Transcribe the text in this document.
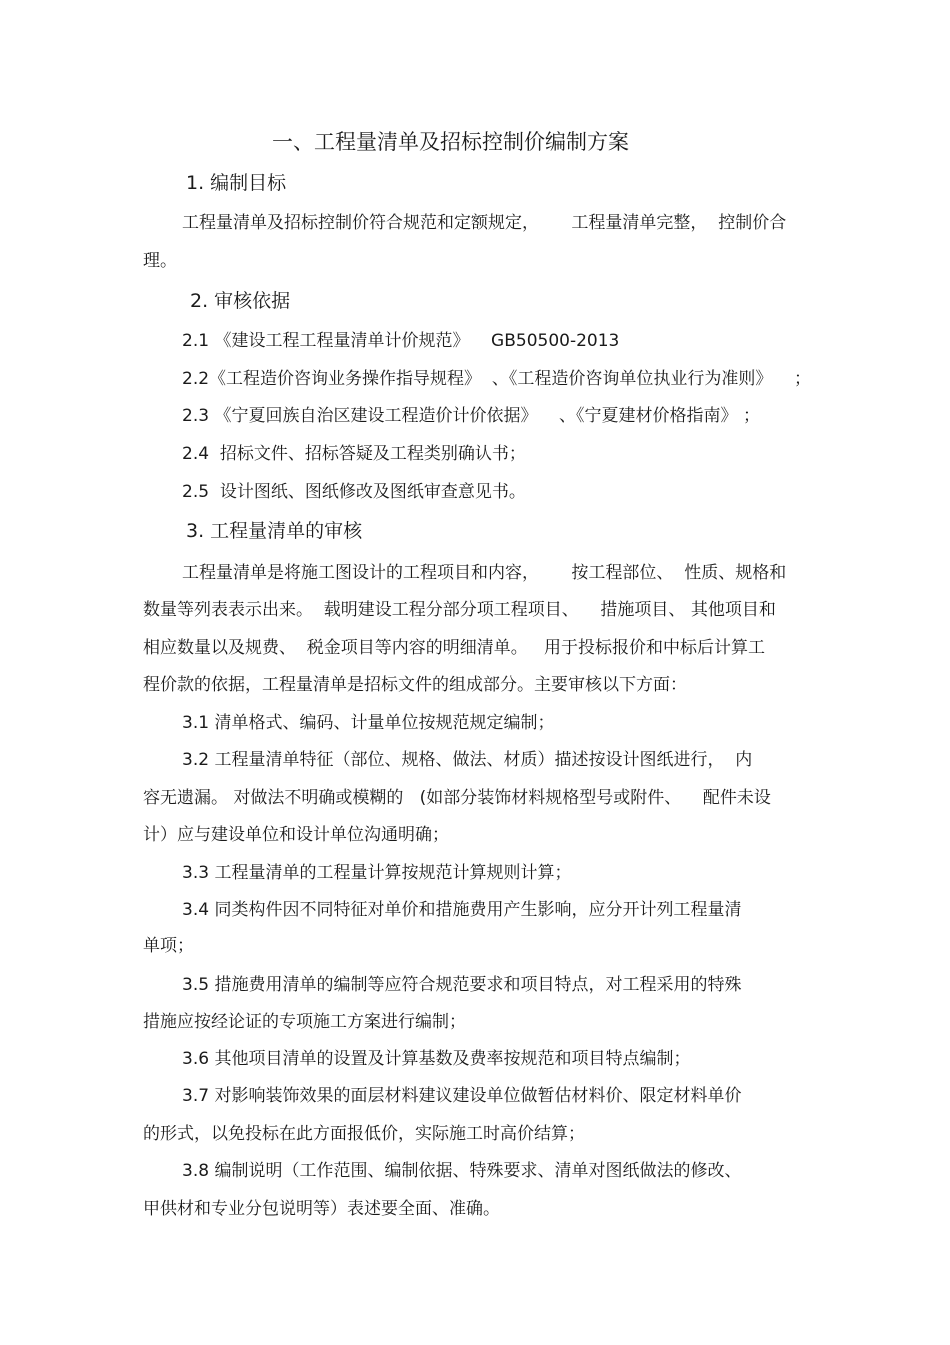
一、工程量清单及招标控制价编制方案
1. 编制目标
工程量清单及招标控制价符合规范和定额规定，      工程量清单完整，  控制价合
理。
2. 审核依据
2.1 《建设工程工程量清单计价规范》    GB50500-2013
2.2《工程造价咨询业务操作指导规程》  、《工程造价咨询单位执业行为准则》    ；
2.3 《宁夏回族自治区建设工程造价计价依据》    、《宁夏建材价格指南》 ；
2.4  招标文件、招标答疑及工程类别确认书；
2.5  设计图纸、图纸修改及图纸审查意见书。
3. 工程量清单的审核
工程量清单是将施工图设计的工程项目和内容，      按工程部位、  性质、规格和
数量等列表表示出来。  载明建设工程分部分项工程项目、    措施项目、 其他项目和
相应数量以及规费、  税金项目等内容的明细清单。   用于投标报价和中标后计算工
程价款的依据，工程量清单是招标文件的组成部分。主要审核以下方面：
3.1 清单格式、编码、计量单位按规范规定编制；
3.2 工程量清单特征（部位、规格、做法、材质）描述按设计图纸进行，  内
容无遗漏。 对做法不明确或模糊的   (如部分装饰材料规格型号或附件、    配件未设
计）应与建设单位和设计单位沟通明确；
3.3 工程量清单的工程量计算按规范计算规则计算；
3.4 同类构件因不同特征对单价和措施费用产生影响，应分开计列工程量清
单项；
3.5 措施费用清单的编制等应符合规范要求和项目特点，对工程采用的特殊
措施应按经论证的专项施工方案进行编制；
3.6 其他项目清单的设置及计算基数及费率按规范和项目特点编制；
3.7 对影响装饰效果的面层材料建议建设单位做暂估材料价、限定材料单价
的形式，以免投标在此方面报低价，实际施工时高价结算；
3.8 编制说明（工作范围、编制依据、特殊要求、清单对图纸做法的修改、
甲供材和专业分包说明等）表述要全面、准确。
